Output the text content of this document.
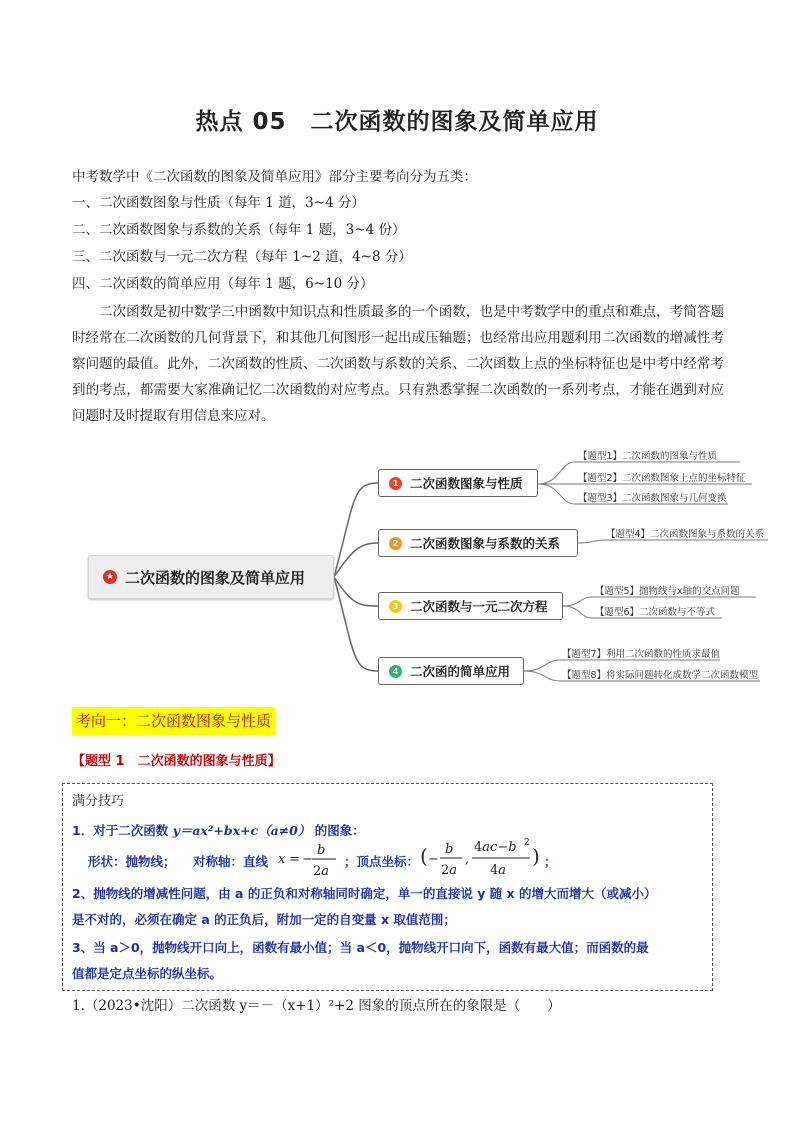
热点 05　二次函数的图象及简单应用
中考数学中《二次函数的图象及简单应用》部分主要考向分为五类：
一、二次函数图象与性质（每年 1 道，3~4 分）
二、二次函数图象与系数的关系（每年 1 题，3~4 份）
三、二次函数与一元二次方程（每年 1~2 道，4~8 分）
四、二次函数的简单应用（每年 1 题，6~10 分）
二次函数是初中数学三中函数中知识点和性质最多的一个函数，也是中考数学中的重点和难点，考简答题时经常在二次函数的几何背景下，和其他几何图形一起出成压轴题；也经常出应用题利用二次函数的增减性考察问题的最值。此外，二次函数的性质、二次函数与系数的关系、二次函数上点的坐标特征也是中考中经常考到的考点，都需要大家准确记忆二次函数的对应考点。只有熟悉掌握二次函数的一系列考点，才能在遇到对应问题时及时提取有用信息来应对。
★ 二次函数的图象及简单应用
1 二次函数图象与性质
2 二次函数图象与系数的关系
3 二次函数与一元二次方程
4 二次函的简单应用
【题型1】二次函数的图象与性质
【题型2】二次函数图象上点的坐标特征
【题型3】二次函数图象与几何变换
【题型4】二次函数图象与系数的关系
【题型5】抛物线与x轴的交点问题
【题型6】二次函数与不等式
【题型7】利用二次函数的性质求最值
【题型8】将实际问题转化成数学二次函数模型
考向一：二次函数图象与性质
【题型 1　二次函数的图象与性质】
满分技巧
1．对于二次函数 y＝ax²+bx+c（a≠0） 的图象：
形状：抛物线； 对称轴：直线 x = −
b
2a
；顶点坐标： ( −
b
2a
,
4ac−b 2
4a
) ；
2、抛物线的增减性问题，由 a 的正负和对称轴同时确定，单一的直接说 y 随 x 的增大而增大（或减小）
是不对的，必须在确定 a 的正负后，附加一定的自变量 x 取值范围；
3、当 a＞0，抛物线开口向上，函数有最小值；当 a＜0，抛物线开口向下，函数有最大值；而函数的最
值都是定点坐标的纵坐标。
1.（2023•沈阳）二次函数 y＝－（x+1）²+2 图象的顶点所在的象限是（　　）
